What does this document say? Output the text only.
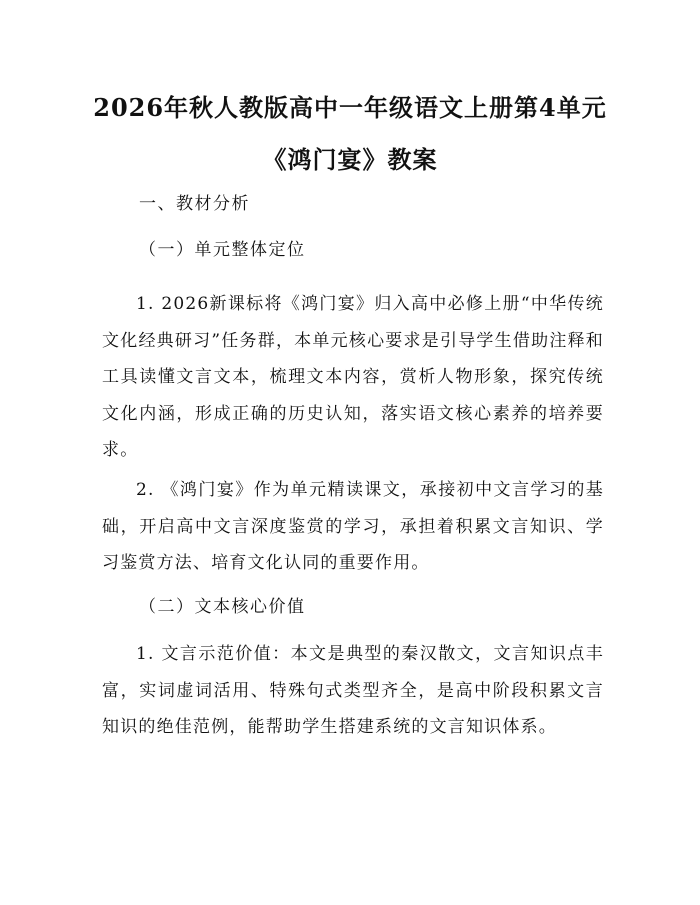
2026年秋人教版高中一年级语文上册第4单元《鸿门宴》教案
一、教材分析
（一）单元整体定位
1. 2026新课标将《鸿门宴》归入高中必修上册“中华传统文化经典研习”任务群，本单元核心要求是引导学生借助注释和工具读懂文言文本，梳理文本内容，赏析人物形象，探究传统文化内涵，形成正确的历史认知，落实语文核心素养的培养要求。
2. 《鸿门宴》作为单元精读课文，承接初中文言学习的基础，开启高中文言深度鉴赏的学习，承担着积累文言知识、学习鉴赏方法、培育文化认同的重要作用。
（二）文本核心价值
1. 文言示范价值：本文是典型的秦汉散文，文言知识点丰富，实词虚词活用、特殊句式类型齐全，是高中阶段积累文言知识的绝佳范例，能帮助学生搭建系统的文言知识体系。
